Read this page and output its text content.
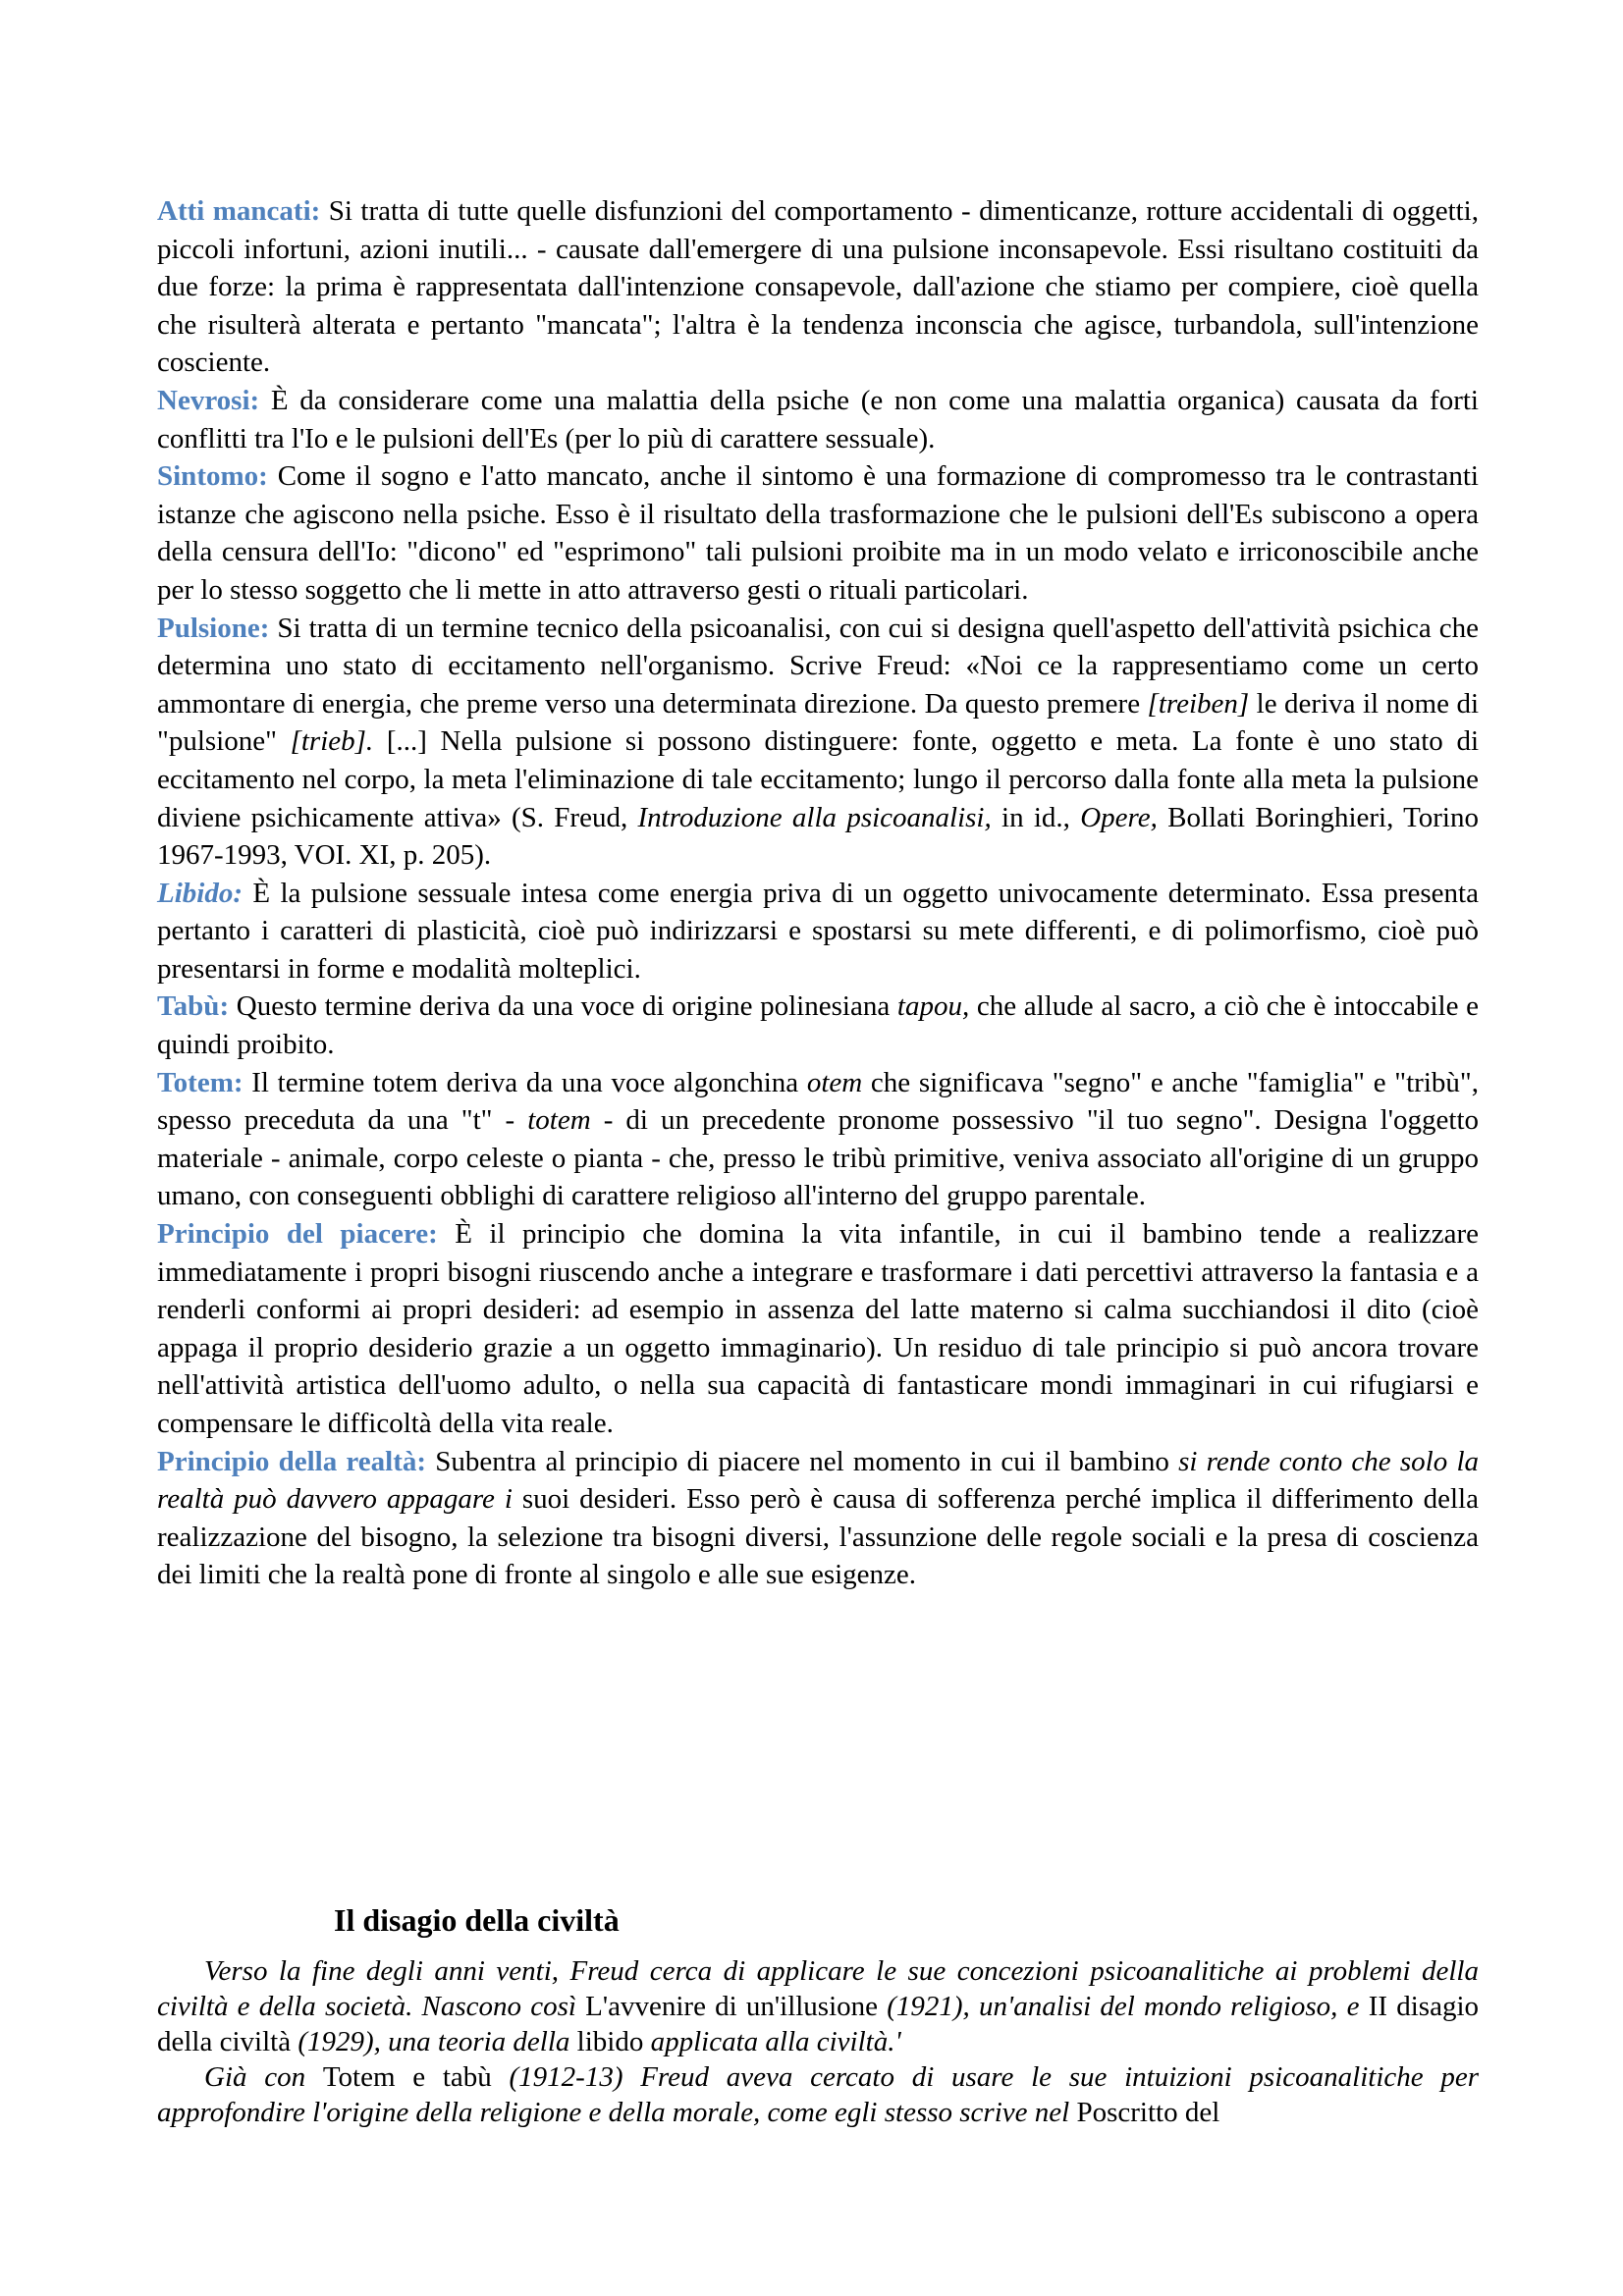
Atti mancati: Si tratta di tutte quelle disfunzioni del comportamento - dimenticanze, rotture accidentali di oggetti, piccoli infortuni, azioni inutili... - causate dall'emergere di una pulsione inconsapevole. Essi risultano costituiti da due forze: la prima è rappresentata dall'intenzione consapevole, dall'azione che stiamo per compiere, cioè quella che risulterà alterata e pertanto "mancata"; l'altra è la tendenza inconscia che agisce, turbandola, sull'intenzione cosciente.

Nevrosi: È da considerare come una malattia della psiche (e non come una malattia organica) causata da forti conflitti tra l'Io e le pulsioni dell'Es (per lo più di carattere sessuale).

Sintomo: Come il sogno e l'atto mancato, anche il sintomo è una formazione di compromesso tra le contrastanti istanze che agiscono nella psiche. Esso è il risultato della trasformazione che le pulsioni dell'Es subiscono a opera della censura dell'Io: "dicono" ed "esprimono" tali pulsioni proibite ma in un modo velato e irriconoscibile anche per lo stesso soggetto che li mette in atto attraverso gesti o rituali particolari.

Pulsione: Si tratta di un termine tecnico della psicoanalisi, con cui si designa quell'aspetto dell'attività psichica che determina uno stato di eccitamento nell'organismo. Scrive Freud: «Noi ce la rappresentiamo come un certo ammontare di energia, che preme verso una determinata direzione. Da questo premere [treiben] le deriva il nome di "pulsione" [trieb]. [...] Nella pulsione si possono distinguere: fonte, oggetto e meta. La fonte è uno stato di eccitamento nel corpo, la meta l'eliminazione di tale eccitamento; lungo il percorso dalla fonte alla meta la pulsione diviene psichicamente attiva» (S. Freud, Introduzione alla psicoanalisi, in id., Opere, Bollati Boringhieri, Torino 1967-1993, VOI. XI, p. 205).

Libido: È la pulsione sessuale intesa come energia priva di un oggetto univocamente determinato. Essa presenta pertanto i caratteri di plasticità, cioè può indirizzarsi e spostarsi su mete differenti, e di polimorfismo, cioè può presentarsi in forme e modalità molteplici.

Tabù: Questo termine deriva da una voce di origine polinesiana tapou, che allude al sacro, a ciò che è intoccabile e quindi proibito.

Totem: Il termine totem deriva da una voce algonchina otem che significava "segno" e anche "famiglia" e "tribù", spesso preceduta da una "t" - totem - di un precedente pronome possessivo "il tuo segno". Designa l'oggetto materiale - animale, corpo celeste o pianta - che, presso le tribù primitive, veniva associato all'origine di un gruppo umano, con conseguenti obblighi di carattere religioso all'interno del gruppo parentale.

Principio del piacere: È il principio che domina la vita infantile, in cui il bambino tende a realizzare immediatamente i propri bisogni riuscendo anche a integrare e trasformare i dati percettivi attraverso la fantasia e a renderli conformi ai propri desideri: ad esempio in assenza del latte materno si calma succhiandosi il dito (cioè appaga il proprio desiderio grazie a un oggetto immaginario). Un residuo di tale principio si può ancora trovare nell'attività artistica dell'uomo adulto, o nella sua capacità di fantasticare mondi immaginari in cui rifugiarsi e compensare le difficoltà della vita reale.

Principio della realtà: Subentra al principio di piacere nel momento in cui il bambino si rende conto che solo la realtà può davvero appagare i suoi desideri. Esso però è causa di sofferenza perché implica il differimento della realizzazione del bisogno, la selezione tra bisogni diversi, l'assunzione delle regole sociali e la presa di coscienza dei limiti che la realtà pone di fronte al singolo e alle sue esigenze.

Il disagio della civiltà

Verso la fine degli anni venti, Freud cerca di applicare le sue concezioni psicoanalitiche ai problemi della civiltà e della società. Nascono così L'avvenire di un'illusione (1921), un'analisi del mondo religioso, e II disagio della civiltà (1929), una teoria della libido applicata alla civiltà.'

Già con Totem e tabù (1912-13) Freud aveva cercato di usare le sue intuizioni psicoanalitiche per approfondire l'origine della religione e della morale, come egli stesso scrive nel Poscritto del
